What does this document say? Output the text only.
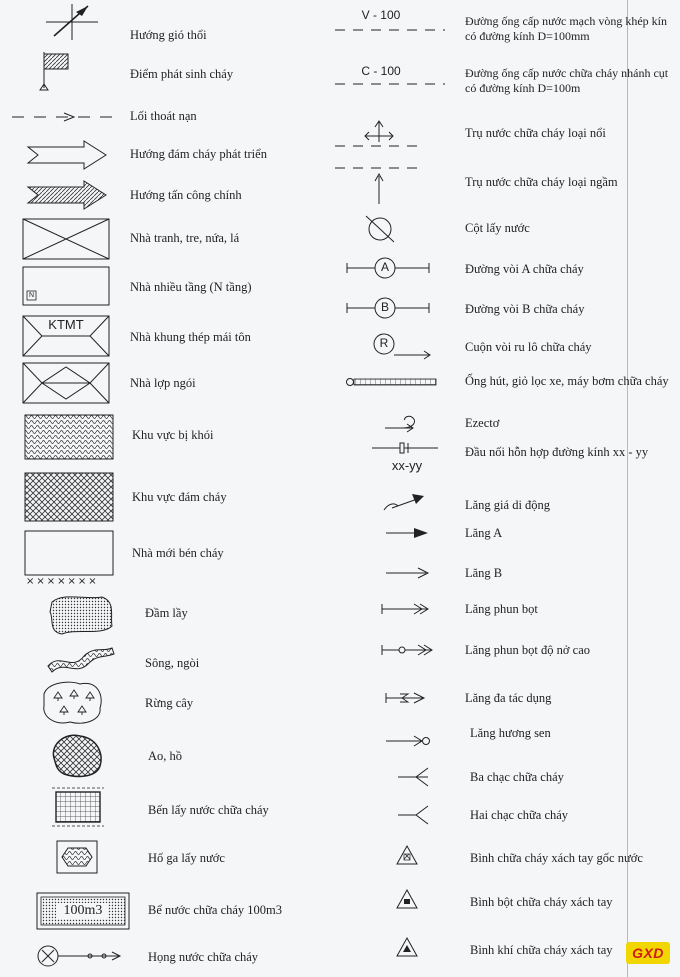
Hướng gió thổi
Điểm phát sinh cháy
Lối thoát nạn
Hướng đám cháy phát triển
Hướng tấn công chính
Nhà tranh, tre, nứa, lá
N
Nhà nhiều tầng (N tầng)
KTMT
Nhà khung thép mái tôn
Nhà lợp ngói
Khu vực bị khói
Khu vực đám cháy
×××××××
Nhà mới bén cháy
Đầm lầy
Sông, ngòi
Rừng cây
Ao, hồ
Bến lấy nước chữa cháy
Hố ga lấy nước
100m3	Bể nước chữa cháy 100m3
Họng nước chữa cháy
V - 100	Đường ống cấp nước mạch vòng khép kín có đường kính D=100mm
C - 100	Đường ống cấp nước chữa cháy nhánh cụt có đường kính D=100m
Trụ nước chữa cháy loại nổi
Trụ nước chữa cháy loại ngầm
Cột lấy nước
A	Đường vòi A chữa cháy
B	Đường vòi B chữa cháy
R	Cuộn vòi ru lô chữa cháy
Ống hút, giỏ lọc xe, máy bơm chữa cháy
Ezectơ
xx-yy
Đầu nối hỗn hợp đường kính xx - yy
Lăng giá di động
Lăng A
Lăng B
Lăng phun bọt
Lăng phun bọt độ nở cao
Lăng đa tác dụng
Lăng hương sen
Ba chạc chữa cháy
Hai chạc chữa cháy
Bình chữa cháy xách tay gốc nước
Bình bột chữa cháy xách tay
Bình khí chữa cháy xách tay	GXD
